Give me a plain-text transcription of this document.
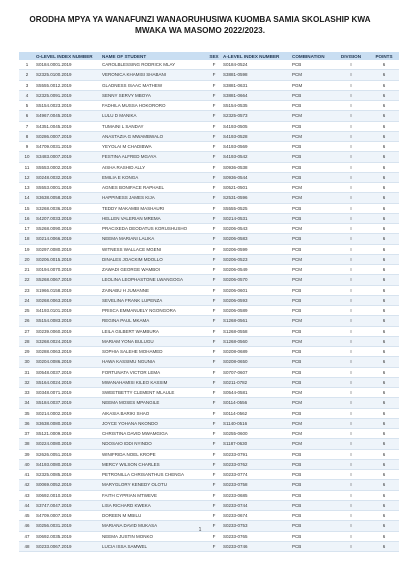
ORODHA MPYA YA WANAFUNZI WANAORUHUSIWA KUOMBA SAMIA SKOLASHIP KWA
MWAKA WA MASOMO 2022/2023.
	O-LEVEL INDEX NUMBER	NAME OF STUDENT	SEX	A-LEVEL INDEX NUMBER	COMBINATION	DIVISION	POINTS
1	S0184.0001.2019	CAROLBLESSING RODRICK MLAY	F	S0184-0524	PCB	I	6
2	S2325.0100.2019	VERONICA KHAMISI SHABANI	F	S3881-0598	PCM	I	6
3	S5555.0012.2019	GLADNESS ISAAC MATHEW	F	S3881-0631	PGM	I	6
4	S2325.0091.2019	SENNY SERVY MBOYA	F	S3881-0664	PCB	I	6
5	S5154.0023.2019	FADHILA MUSSA HOKORORO	F	S5154-0535	PCB	I	6
6	S4967.0045.2019	LULU D MANIKA	F	S2325-0573	PCM	I	6
7	S4351.0045.2019	TUMAINI L SANDAY	F	S4193-0505	PCB	I	6
8	S0286.0007.2019	ANASTAZIA G MWAMBWALO	F	S4193-0528	PCM	I	6
9	S4709.0031.2019	YEYOLAI M CHADIBWA	F	S4193-0569	PCB	I	6
10	S3483.0007.2019	FESTINA ALFRED MGAYA	F	S4193-0542	PCB	I	6
11	S5553.0002.2019	AISHA RASHID ALLY	F	S0936-0538	PCB	I	6
12	S0248.0032.2019	EMILIA E KONGA	F	S0936-0544	PCB	I	6
13	S5553.0001.2019	AGNES BONIFACE RAPHAEL	F	S0521-0501	PCM	I	6
14	S3638.0058.2019	HAPPINESS JAMES KIJA	F	S2531-0596	PCM	I	6
15	S3268.0036.2019	TEDDY MAKAMBI MASHAURI	F	S5555-0525	PCB	I	6
16	S4207.0033.2019	HELLEN VALERIAN MREMA	F	S0214-0531	PCB	I	6
17	S5268.0090.2019	PRACIXEDA DEODATUS KORUSHUSHO	F	S0206-0543	PCM	I	6
18	S0214.0066.2019	NEEMA MARIANI LALIKA	F	S0206-0583	PCB	I	6
19	S0297.0080.2019	WITNESS WALLACE MGENI	F	S0206-0599	PCB	I	6
20	S0206.0015.2019	DINALES JOACKIM MDOLLO	F	S0206-0523	PCM	I	6
21	S0194.0070.2019	ZAWADI GEORGE WAMBOI	F	S0206-0549	PCM	I	6
22	S5268.0067.2019	LEOLINA LEOPHASTONE LWANGOGA	F	S0206-0570	PCM	I	6
23	S1966.0158.2019	ZAINABU H JUMANNE	F	S0206-0601	PCB	I	6
24	S0268.0063.2019	SEVELINA FRANK LUPENZA	F	S0206-0593	PCB	I	6
25	S4193.0101.2019	PRISCA EMMANUELY NGONGORA	F	S0206-0589	PCB	I	6
26	S5154.0083.2019	REGINA PAUL MKAMA	F	S1268-0561	PCM	I	6
27	S0239.0060.2019	LEILA GILBERT WAMBURA	F	S1268-0558	PCB	I	6
28	S3268.0024.2019	MARIAM YONA BULUGU	F	S1268-0560	PCM	I	6
29	S0288.0063.2019	SOPHIA SALEHE MOHAMED	F	S0208-0689	PCB	I	6
30	S0204.0086.2019	HAWA KASSIMU NGUNIA	F	S0208-0650	PCB	I	6
31	S0548.0037.2019	FORTUNATA VICTOR LEMA	F	S0707-0607	PCB	I	6
32	S5164.0024.2019	MWANAHAMISI KILEO KASSIM	F	S0211-0782	PCB	I	6
33	S0348.0071.2019	SWEETBETTY CLEMENT MLAULE	F	S0544-0581	PCM	I	6
34	S5184.0037.2019	NEEMA MOSES MPANGILE	F	S0114-0556	PCM	I	6
35	S0214.0002.2019	AIKASIA BARIKI SHAO	F	S0114-0562	PCB	I	6
36	S3638.0080.2019	JOYCE YOHANA NKONDO	F	S1140-0516	PCM	I	6
37	S5121.0009.2019	CHRISTINA DAVID MWAMGIGA	F	S0255-0600	PCM	I	6
38	S0224.0080.2019	NDOSAIO IDDI NYINDO	F	S1187-0630	PCM	I	6
39	S2626.0051.2019	WINIFRIDA NOEL KROPE	F	S0233-0791	PCB	I	6
40	S4193.0080.2019	MERCY WILSON CHARLES	F	S0233-0762	PCB	I	6
41	S2325.0085.2019	PETRONILLA CHRISANTHUS CHENGA	F	S0233-0774	PCB	I	6
42	S0069.0052.2019	MARYGLORY KENEDY OLOTU	F	S0233-0758	PCB	I	6
43	S0692.0010.2019	FAITH CYPRIAN MTWEVE	F	S0233-0685	PCB	I	6
44	S3747.0047.2019	LISA RICHARD KWEKA	F	S0233-0744	PCB	I	6
45	S4709.0007.2019	DOREEN M MBILU	F	S0233-0674	PCB	I	6
46	S0256.0031.2019	MARIANA DAVID MUKASA	F	S0233-0753	PCB	I	6
47	S0692.0035.2019	NEEMA JUSTIN MONKO	F	S0233-0765	PCB	I	6
48	S0233.0067.2019	LUCIA ISSA SAMWEL	F	S0233-0746	PCB	I	6
1
